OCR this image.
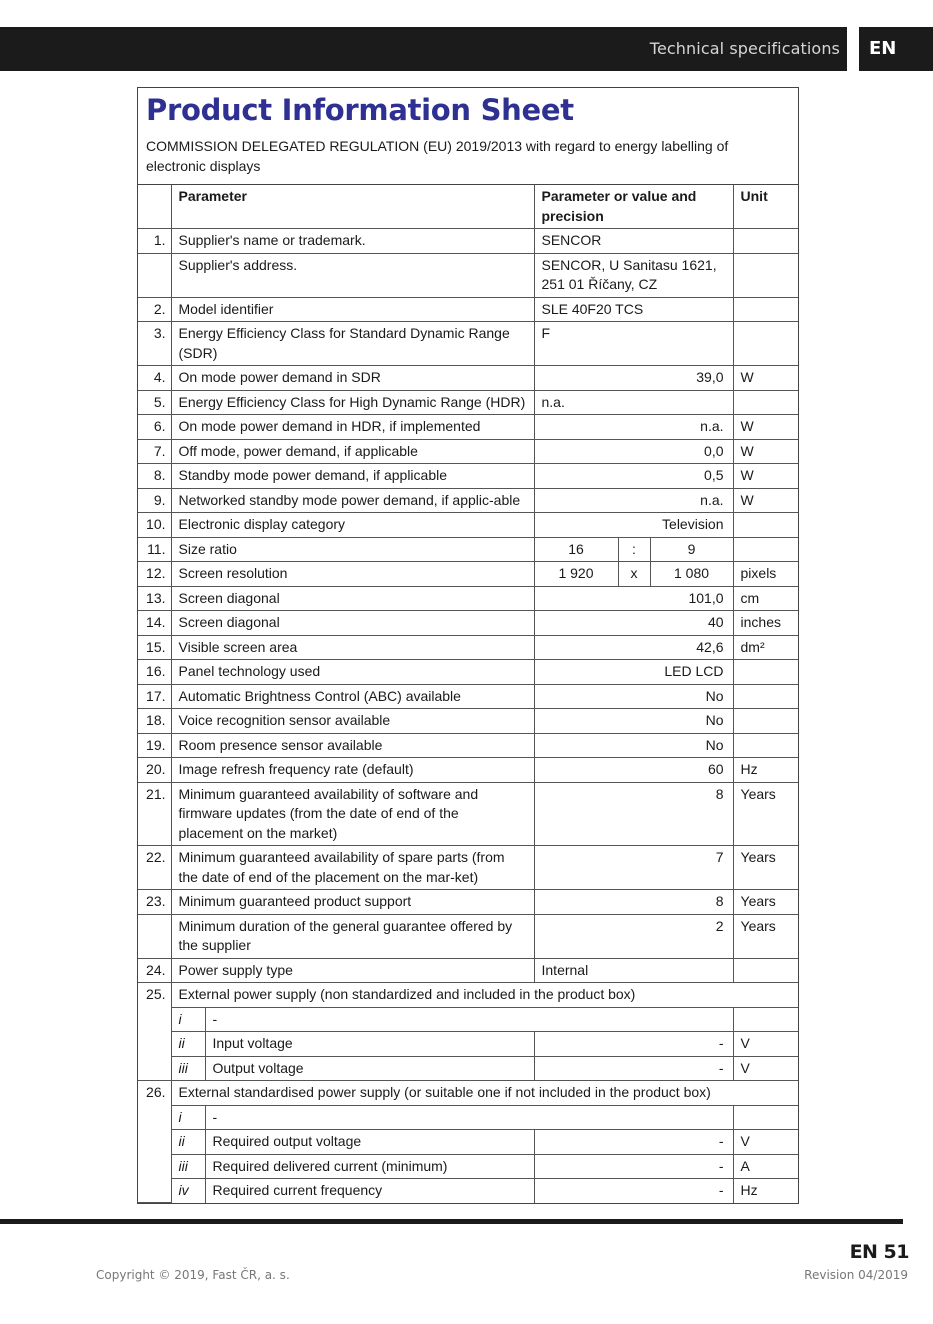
Technical specifications EN
Product Information Sheet
COMMISSION DELEGATED REGULATION (EU) 2019/2013 with regard to energy labelling of electronic displays
	Parameter		Parameter or value and precision			Unit
1.	Supplier's name or trademark.		SENCOR			
	Supplier's address.		SENCOR, U Sanitasu 1621, 251 01 Říčany, CZ			
2.	Model identifier		SLE 40F20 TCS			
3.	Energy Efficiency Class for Standard Dynamic Range (SDR)		F			
4.	On mode power demand in SDR		39,0			W
5.	Energy Efficiency Class for High Dynamic Range (HDR)		n.a.			
6.	On mode power demand in HDR, if implemented		n.a.			W
7.	Off mode, power demand, if applicable		0,0			W
8.	Standby mode power demand, if applicable		0,5			W
9.	Networked standby mode power demand, if applic-able		n.a.			W
10.	Electronic display category		Television			
11.	Size ratio		16	:	9	
12.	Screen resolution		1 920	x	1 080	pixels
13.	Screen diagonal		101,0			cm
14.	Screen diagonal		40			inches
15.	Visible screen area		42,6			dm²
16.	Panel technology used		LED LCD			
17.	Automatic Brightness Control (ABC) available		No			
18.	Voice recognition sensor available		No			
19.	Room presence sensor available		No			
20.	Image refresh frequency rate (default)		60			Hz
21.	Minimum guaranteed availability of software and firmware updates (from the date of end of the placement on the market)		8			Years
22.	Minimum guaranteed availability of spare parts (from the date of end of the placement on the mar-ket)		7			Years
23.	Minimum guaranteed product support		8			Years
	Minimum duration of the general guarantee offered by the supplier		2			Years
24.	Power supply type		Internal			
25.	External power supply (non standardized and included in the product box)					
	i	-				
	ii	Input voltage	-			V
	iii	Output voltage	-			V
26.	External standardised power supply (or suitable one if not included in the product box)					
	i	-				
	ii	Required output voltage	-			V
	iii	Required delivered current (minimum)	-			A
	iv	Required current frequency	-			Hz
EN 51
Copyright © 2019, Fast ČR, a. s.	Revision 04/2019
